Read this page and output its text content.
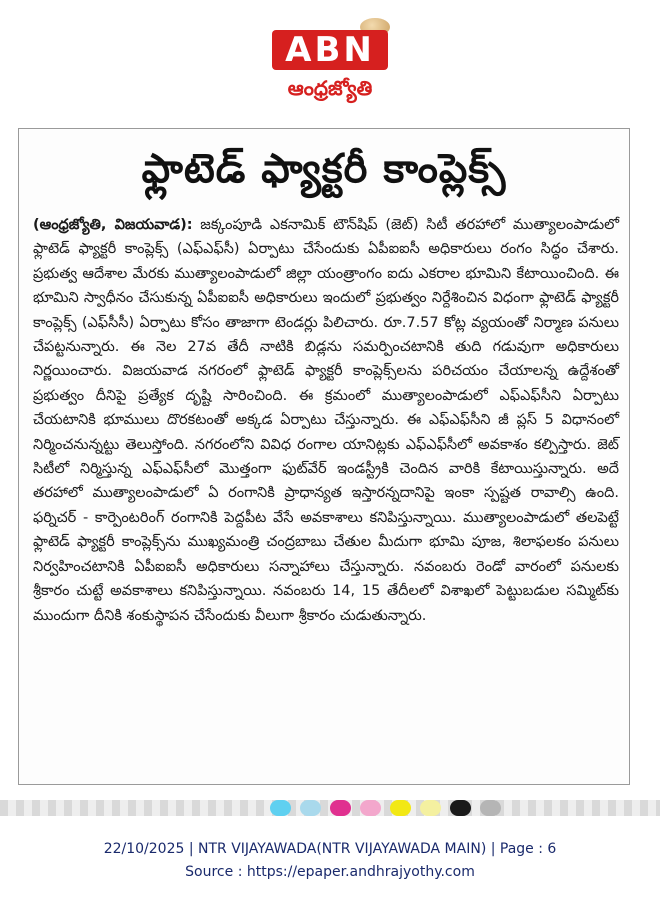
ABN
ఆంధ్రజ్యోతి
ఫ్లాటెడ్ ఫ్యాక్టరీ కాంప్లెక్స్
(ఆంధ్రజ్యోతి, విజయవాడ): జక్కంపూడి ఎకనామిక్ టౌన్‌షిప్ (జెట్) సిటీ తరహాలో ముత్యాలంపాడులో ఫ్లాటెడ్ ఫ్యాక్టరీ కాంప్లెక్స్ (ఎఫ్ఎఫ్‌సీ) ఏర్పాటు చేసేందుకు ఏపీఐఐసీ అధికారులు రంగం సిద్ధం చేశారు. ప్రభుత్వ ఆదేశాల మేరకు ముత్యాలంపాడులో జిల్లా యంత్రాంగం ఐదు ఎకరాల భూమిని కేటాయించింది. ఈ భూమిని స్వాధీనం చేసుకున్న ఏపీఐఐసీ అధికారులు ఇందులో ప్రభుత్వం నిర్దేశించిన విధంగా ఫ్లాటెడ్ ఫ్యాక్టరీ కాంప్లెక్స్ (ఎఫ్‌సీసీ) ఏర్పాటు కోసం తాజాగా టెండర్లు పిలిచారు. రూ.7.57 కోట్ల వ్యయంతో నిర్మాణ పనులు చేపట్టనున్నారు. ఈ నెల 27వ తేదీ నాటికి బిడ్లను సమర్పించటానికి తుది గడువుగా అధికారులు నిర్ణయించారు. విజయవాడ నగరంలో ఫ్లాటెడ్ ఫ్యాక్టరీ కాంప్లెక్స్‌లను పరిచయం చేయాలన్న ఉద్దేశంతో ప్రభుత్వం దీనిపై ప్రత్యేక దృష్టి సారించింది. ఈ క్రమంలో ముత్యాలంపాడులో ఎఫ్ఎఫ్‌సీని ఏర్పాటు చేయటానికి భూములు దొరకటంతో అక్కడ ఏర్పాటు చేస్తున్నారు. ఈ ఎఫ్ఎఫ్‌సీని జీ ప్లస్ 5 విధానంలో నిర్మించనున్నట్టు తెలుస్తోంది. నగరంలోని వివిధ రంగాల యానిట్లకు ఎఫ్ఎఫ్‌సీలో అవకాశం కల్పిస్తారు. జెట్ సిటీలో నిర్మిస్తున్న ఎఫ్ఎఫ్‌సీలో మొత్తంగా ఫుట్‌వేర్ ఇండస్ట్రీకి చెందిన వారికి కేటాయిస్తున్నారు. అదే తరహాలో ముత్యాలంపాడులో ఏ రంగానికి ప్రాధాన్యత ఇస్తారన్నదానిపై ఇంకా స్పష్టత రావాల్సి ఉంది. ఫర్నిచర్ - కార్పెంటరింగ్ రంగానికి పెద్దపీట వేసే అవకాశాలు కనిపిస్తున్నాయి. ముత్యాలంపాడులో తలపెట్టే ఫ్లాటెడ్ ఫ్యాక్టరీ కాంప్లెక్స్‌ను ముఖ్యమంత్రి చంద్రబాబు చేతుల మీదుగా భూమి పూజ, శిలాఫలకం పనులు నిర్వహించటానికి ఏపీఐఐసీ అధికారులు సన్నాహాలు చేస్తున్నారు. నవంబరు రెండో వారంలో పనులకు శ్రీకారం చుట్టే అవకాశాలు కనిపిస్తున్నాయి. నవంబరు 14, 15 తేదీలలో విశాఖలో పెట్టుబడుల సమ్మిట్‌కు ముందుగా దీనికి శంకుస్థాపన చేసేందుకు వీలుగా శ్రీకారం చుడుతున్నారు.
22/10/2025 | NTR VIJAYAWADA(NTR VIJAYAWADA MAIN) | Page : 6
Source : https://epaper.andhrajyothy.com
